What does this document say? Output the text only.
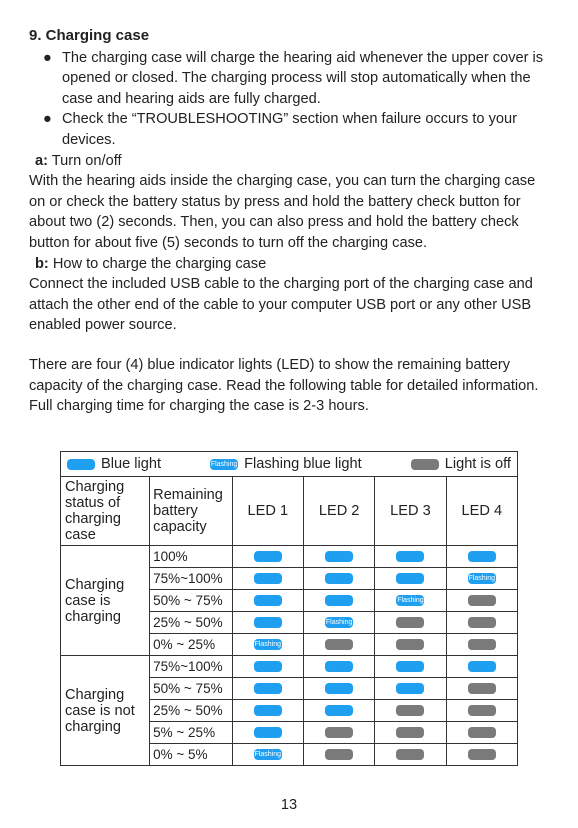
9. Charging case
● The charging case will charge the hearing aid whenever the upper cover is opened or closed. The charging process will stop automatically when the case and hearing aids are fully charged.
● Check the “TROUBLESHOOTING” section when failure occurs to your devices.
a: Turn on/off
With the hearing aids inside the charging case, you can turn the charging case on or check the battery status by press and hold the battery check button for about two (2) seconds. Then, you can also press and hold the battery check button for about five (5) seconds to turn off the charging case.
b: How to charge the charging case
Connect the included USB cable to the charging port of the charging case and attach the other end of the cable to your computer USB port or any other USB enabled power source.
There are four (4) blue indicator lights (LED) to show the remaining battery capacity of the charging case. Read the following table for detailed information. Full charging time for charging the case is 2-3 hours.
Blue light Flashing Flashing blue light Light is off					

Charging status of charging case	Remaining battery capacity	LED 1	LED 2	LED 3	LED 4
Charging case is charging	100%				
	75%~100%				Flashing
	50% ~ 75%			Flashing	
	25% ~ 50%		Flashing		
	0% ~ 25%	Flashing			
Charging case is not charging	75%~100%				
	50% ~ 75%				
	25% ~ 50%				
	5% ~ 25%				
	0% ~ 5%	Flashing			
13
